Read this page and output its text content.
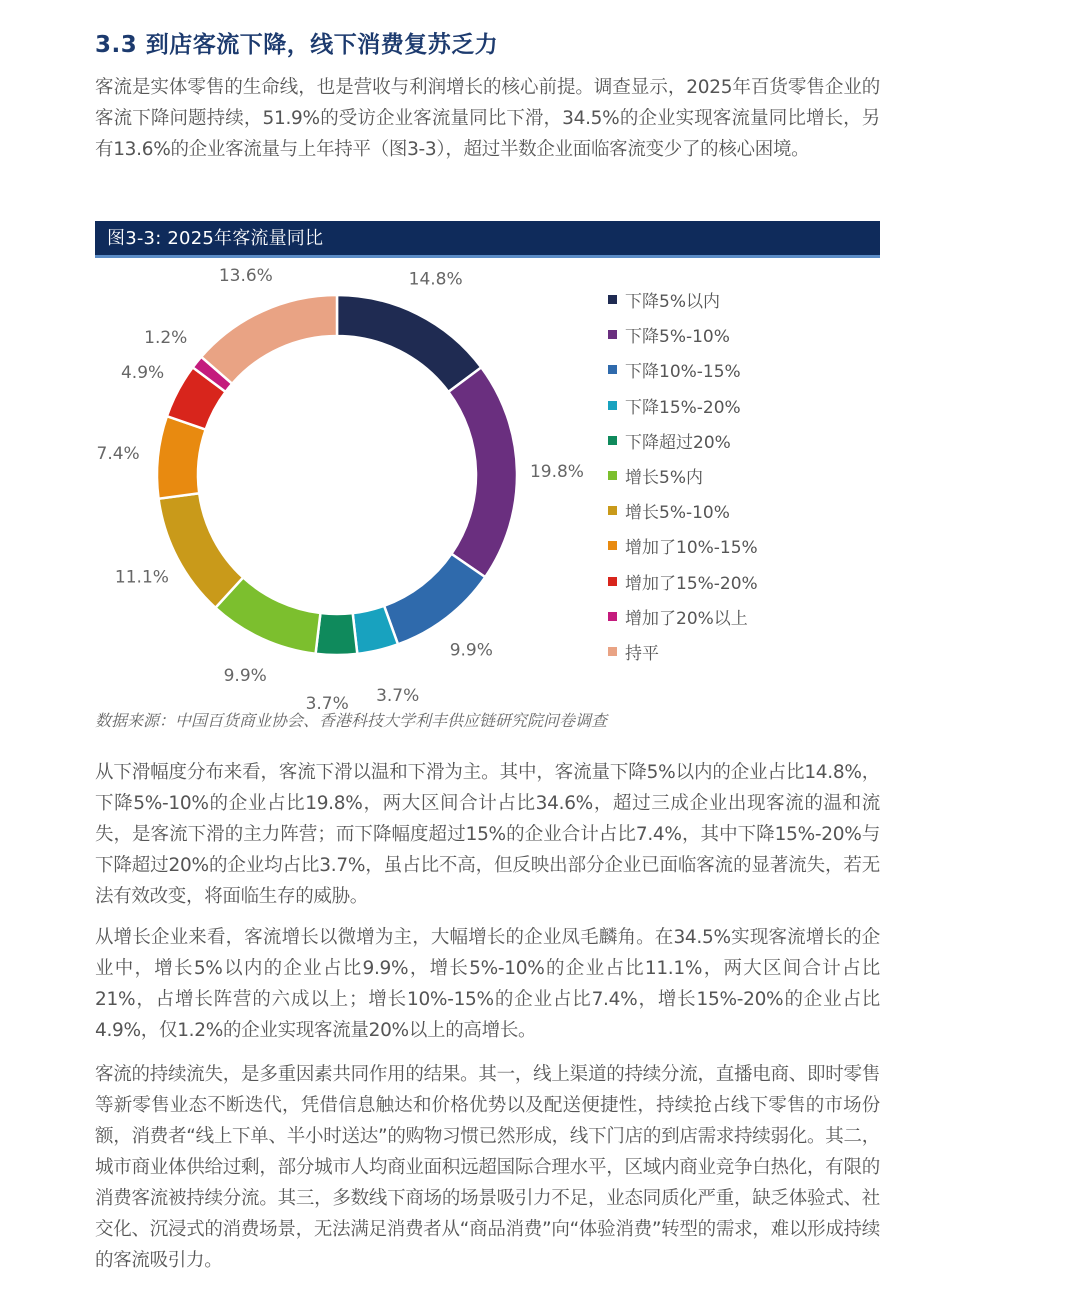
3.3 到店客流下降，线下消费复苏乏力

客流是实体零售的生命线，也是营收与利润增长的核心前提。调查显示，2025年百货零售企业的客流下降问题持续，51.9%的受访企业客流量同比下滑，34.5%的企业实现客流量同比增长，另有13.6%的企业客流量与上年持平（图3-3），超过半数企业面临客流变少了的核心困境。

图3-3: 2025年客流量同比
14.8%
19.8%
9.9%
3.7%
3.7%
9.9%
11.1%
7.4%
4.9%
1.2%
13.6%
下降5%以内
下降5%-10%
下降10%-15%
下降15%-20%
下降超过20%
增长5%内
增长5%-10%
增加了10%-15%
增加了15%-20%
增加了20%以上
持平

数据来源：中国百货商业协会、香港科技大学利丰供应链研究院问卷调查

从下滑幅度分布来看，客流下滑以温和下滑为主。其中，客流量下降5%以内的企业占比14.8%，下降5%-10%的企业占比19.8%，两大区间合计占比34.6%，超过三成企业出现客流的温和流失，是客流下滑的主力阵营；而下降幅度超过15%的企业合计占比7.4%，其中下降15%-20%与下降超过20%的企业均占比3.7%，虽占比不高，但反映出部分企业已面临客流的显著流失，若无法有效改变，将面临生存的威胁。

从增长企业来看，客流增长以微增为主，大幅增长的企业凤毛麟角。在34.5%实现客流增长的企业中，增长5%以内的企业占比9.9%，增长5%-10%的企业占比11.1%，两大区间合计占比21%，占增长阵营的六成以上；增长10%-15%的企业占比7.4%，增长15%-20%的企业占比4.9%，仅1.2%的企业实现客流量20%以上的高增长。

客流的持续流失，是多重因素共同作用的结果。其一，线上渠道的持续分流，直播电商、即时零售等新零售业态不断迭代，凭借信息触达和价格优势以及配送便捷性，持续抢占线下零售的市场份额，消费者“线上下单、半小时送达”的购物习惯已然形成，线下门店的到店需求持续弱化。其二，城市商业体供给过剩，部分城市人均商业面积远超国际合理水平，区域内商业竞争白热化，有限的消费客流被持续分流。其三，多数线下商场的场景吸引力不足，业态同质化严重，缺乏体验式、社交化、沉浸式的消费场景，无法满足消费者从“商品消费”向“体验消费”转型的需求，难以形成持续的客流吸引力。
